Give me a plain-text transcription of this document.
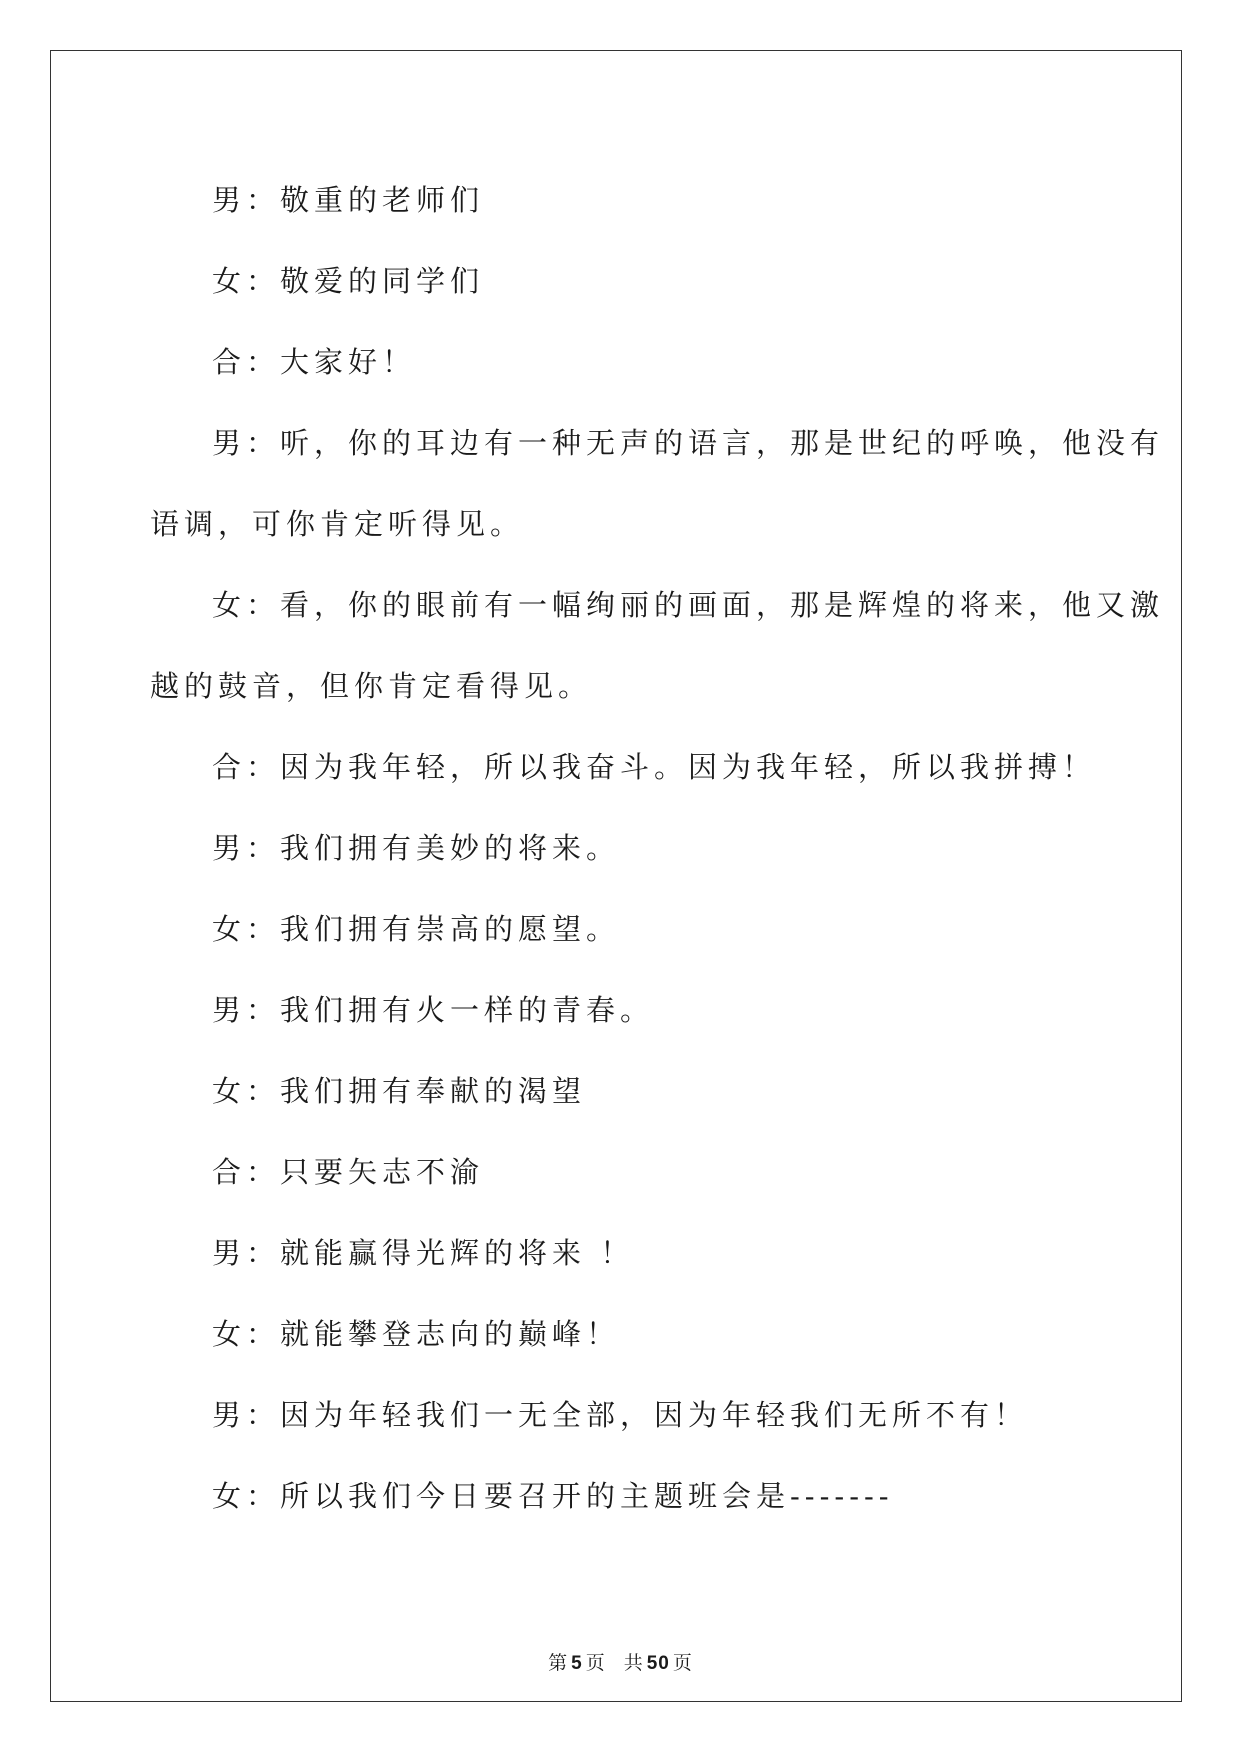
男：敬重的老师们

女：敬爱的同学们

合：大家好！

男：听，你的耳边有一种无声的语言，那是世纪的呼唤，他没有

语调，可你肯定听得见。

女：看，你的眼前有一幅绚丽的画面，那是辉煌的将来，他又激

越的鼓音，但你肯定看得见。

合：因为我年轻，所以我奋斗。因为我年轻，所以我拼搏！

男：我们拥有美妙的将来。

女：我们拥有崇高的愿望。

男：我们拥有火一样的青春。

女：我们拥有奉献的渴望

合：只要矢志不渝

男：就能赢得光辉的将来 ！

女：就能攀登志向的巅峰！

男：因为年轻我们一无全部，因为年轻我们无所不有！

女：所以我们今日要召开的主题班会是-------

第 5 页 共 50 页
